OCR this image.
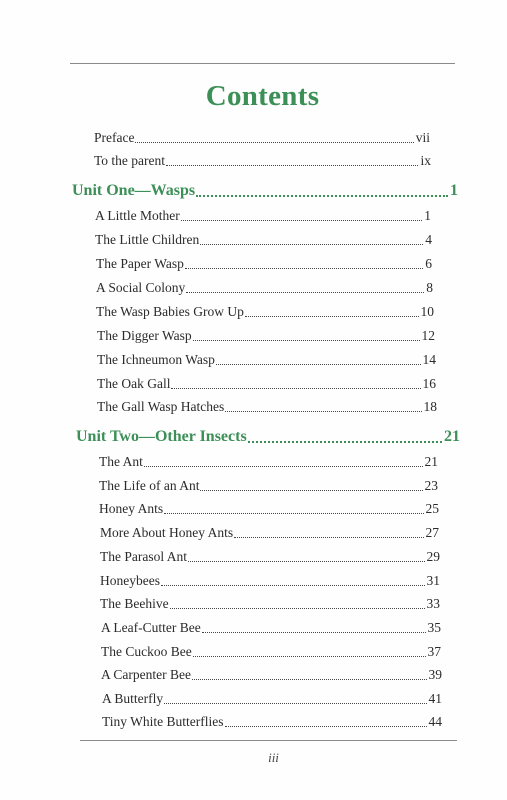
Contents
Preface	vii
To the parent	ix
Unit One—Wasps	1
A Little Mother	1
The Little Children	4
The Paper Wasp	6
A Social Colony	8
The Wasp Babies Grow Up	10
The Digger Wasp	12
The Ichneumon Wasp	14
The Oak Gall	16
The Gall Wasp Hatches	18
Unit Two—Other Insects	21
The Ant	21
The Life of an Ant	23
Honey Ants	25
More About Honey Ants	27
The Parasol Ant	29
Honeybees	31
The Beehive	33
A Leaf-Cutter Bee	35
The Cuckoo Bee	37
A Carpenter Bee	39
A Butterfly	41
Tiny White Butterflies	44
iii
